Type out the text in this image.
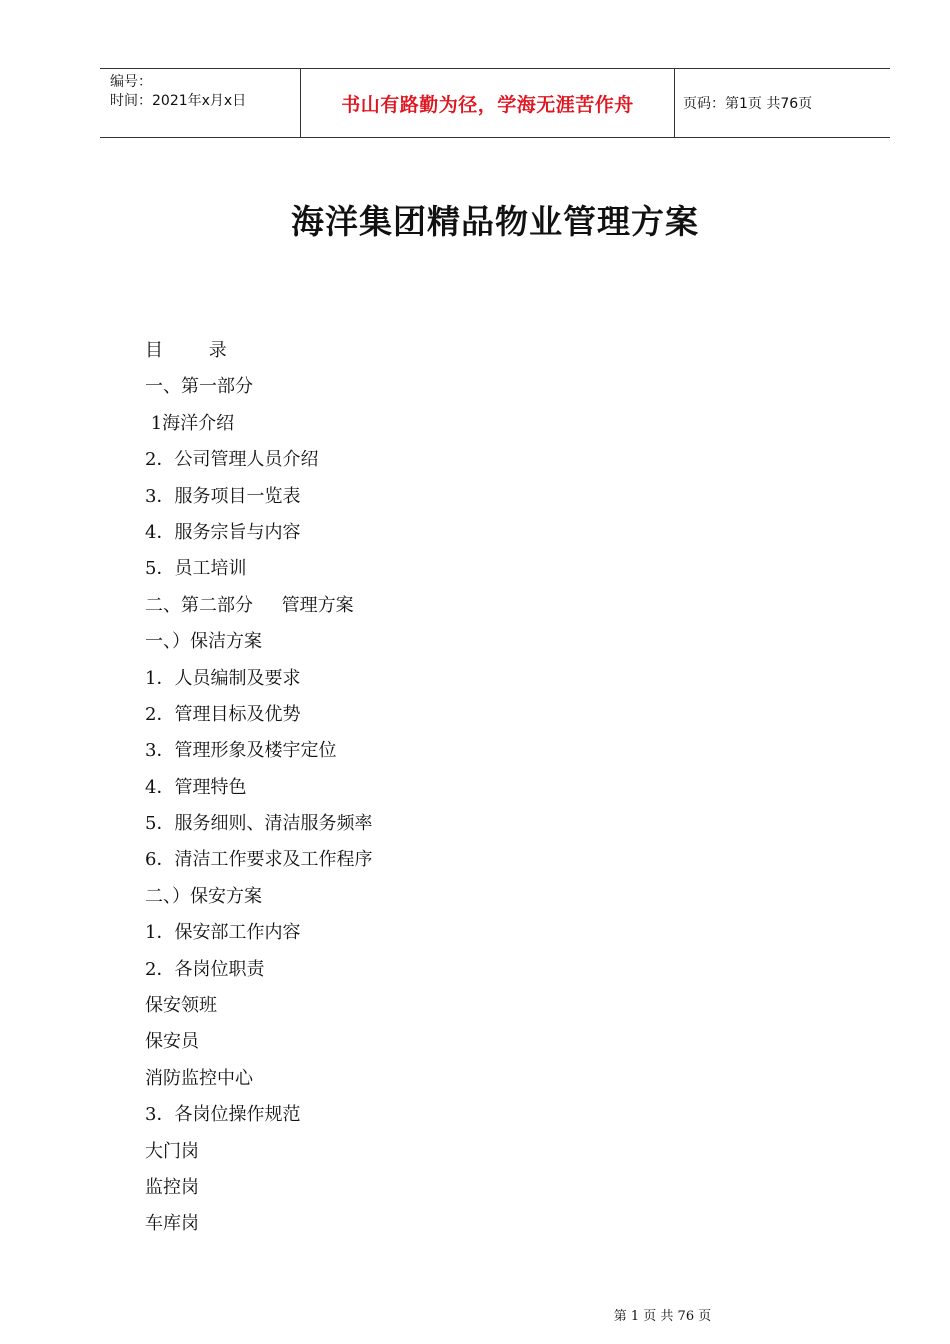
编号：
时间：2021年x月x日	书山有路勤为径，学海无涯苦作舟	页码：第1页 共76页
海洋集团精品物业管理方案
目        录
一、第一部分
1海洋介绍
2．公司管理人员介绍
3．服务项目一览表
4．服务宗旨与内容
5．员工培训
二、第二部分     管理方案
一、）保洁方案
1．人员编制及要求
2．管理目标及优势
3．管理形象及楼宇定位
4．管理特色
5．服务细则、清洁服务频率
6．清洁工作要求及工作程序
二、）保安方案
1．保安部工作内容
2．各岗位职责
保安领班
保安员
消防监控中心
3．各岗位操作规范
大门岗
监控岗
车库岗
第 1 页 共 76 页
